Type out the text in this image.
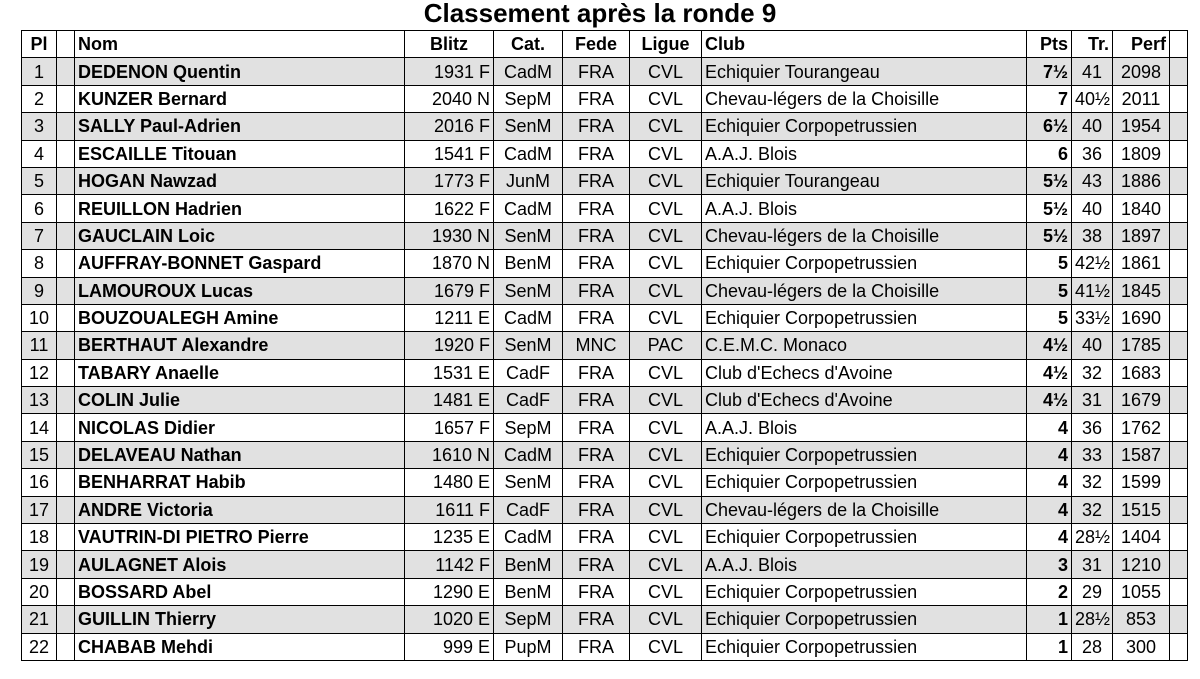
Classement après la ronde 9
Pl		Nom	Blitz	Cat.	Fede	Ligue	Club	Pts	Tr.	Perf	
1		DEDENON Quentin	1931 F	CadM	FRA	CVL	Echiquier Tourangeau	7½	41	2098	
2		KUNZER Bernard	2040 N	SepM	FRA	CVL	Chevau-légers de la Choisille	7	40½	2011	
3		SALLY Paul-Adrien	2016 F	SenM	FRA	CVL	Echiquier Corpopetrussien	6½	40	1954	
4		ESCAILLE Titouan	1541 F	CadM	FRA	CVL	A.A.J. Blois	6	36	1809	
5		HOGAN Nawzad	1773 F	JunM	FRA	CVL	Echiquier Tourangeau	5½	43	1886	
6		REUILLON Hadrien	1622 F	CadM	FRA	CVL	A.A.J. Blois	5½	40	1840	
7		GAUCLAIN Loic	1930 N	SenM	FRA	CVL	Chevau-légers de la Choisille	5½	38	1897	
8		AUFFRAY-BONNET Gaspard	1870 N	BenM	FRA	CVL	Echiquier Corpopetrussien	5	42½	1861	
9		LAMOUROUX Lucas	1679 F	SenM	FRA	CVL	Chevau-légers de la Choisille	5	41½	1845	
10		BOUZOUALEGH Amine	1211 E	CadM	FRA	CVL	Echiquier Corpopetrussien	5	33½	1690	
11		BERTHAUT Alexandre	1920 F	SenM	MNC	PAC	C.E.M.C. Monaco	4½	40	1785	
12		TABARY Anaelle	1531 E	CadF	FRA	CVL	Club d'Echecs d'Avoine	4½	32	1683	
13		COLIN Julie	1481 E	CadF	FRA	CVL	Club d'Echecs d'Avoine	4½	31	1679	
14		NICOLAS Didier	1657 F	SepM	FRA	CVL	A.A.J. Blois	4	36	1762	
15		DELAVEAU Nathan	1610 N	CadM	FRA	CVL	Echiquier Corpopetrussien	4	33	1587	
16		BENHARRAT Habib	1480 E	SenM	FRA	CVL	Echiquier Corpopetrussien	4	32	1599	
17		ANDRE Victoria	1611 F	CadF	FRA	CVL	Chevau-légers de la Choisille	4	32	1515	
18		VAUTRIN-DI PIETRO Pierre	1235 E	CadM	FRA	CVL	Echiquier Corpopetrussien	4	28½	1404	
19		AULAGNET Alois	1142 F	BenM	FRA	CVL	A.A.J. Blois	3	31	1210	
20		BOSSARD Abel	1290 E	BenM	FRA	CVL	Echiquier Corpopetrussien	2	29	1055	
21		GUILLIN Thierry	1020 E	SepM	FRA	CVL	Echiquier Corpopetrussien	1	28½	853	
22		CHABAB Mehdi	999 E	PupM	FRA	CVL	Echiquier Corpopetrussien	1	28	300	
